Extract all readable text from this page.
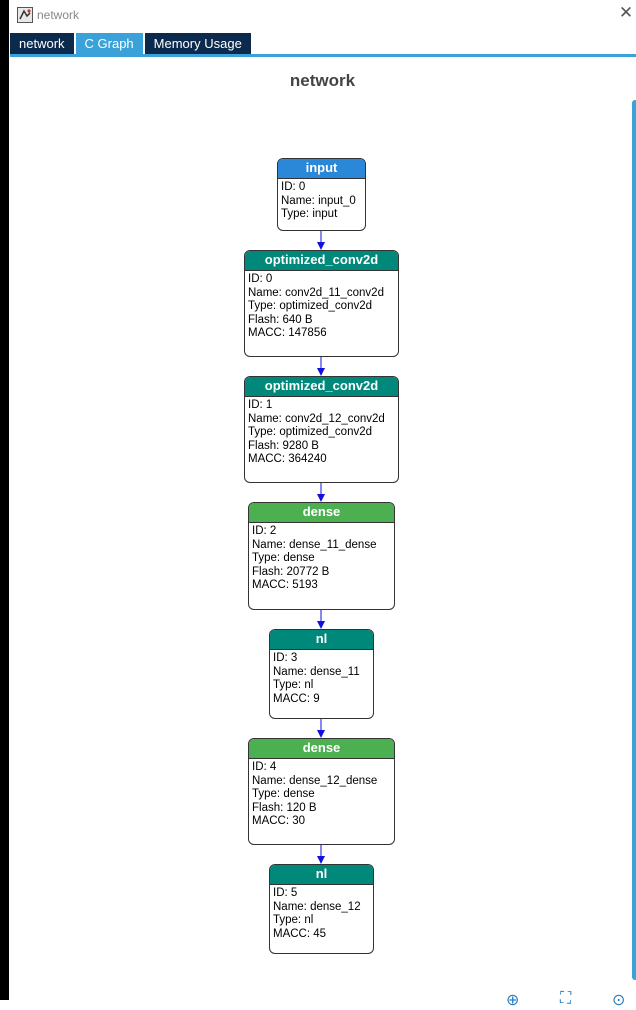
network	✕
network	C Graph	Memory Usage
network
input
ID: 0
Name: input_0
Type: input
optimized_conv2d
ID: 0
Name: conv2d_11_conv2d
Type: optimized_conv2d
Flash: 640 B
MACC: 147856
optimized_conv2d
ID: 1
Name: conv2d_12_conv2d
Type: optimized_conv2d
Flash: 9280 B
MACC: 364240
dense
ID: 2
Name: dense_11_dense
Type: dense
Flash: 20772 B
MACC: 5193
nl
ID: 3
Name: dense_11
Type: nl
MACC: 9
dense
ID: 4
Name: dense_12_dense
Type: dense
Flash: 120 B
MACC: 30
nl
ID: 5
Name: dense_12
Type: nl
MACC: 45
⊕	⛶	⊙
